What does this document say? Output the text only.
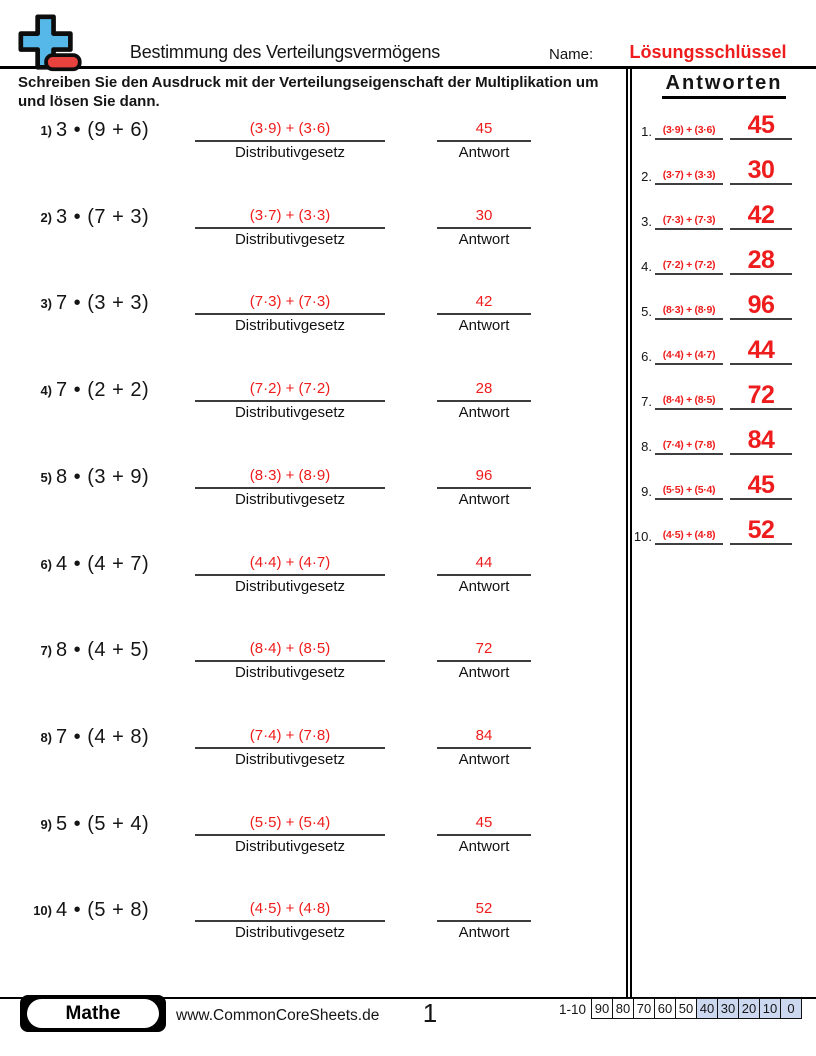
Bestimmung des Verteilungsvermögens	Name:	Lösungsschlüssel
Schreiben Sie den Ausdruck mit der Verteilungseigenschaft der Multiplikation um
und lösen Sie dann.
1) 3 • (9 + 6)	(3·9) + (3·6)
Distributivgesetz
45
Antwort
2) 3 • (7 + 3)	(3·7) + (3·3)
Distributivgesetz
30
Antwort
3) 7 • (3 + 3)	(7·3) + (7·3)
Distributivgesetz
42
Antwort
4) 7 • (2 + 2)	(7·2) + (7·2)
Distributivgesetz
28
Antwort
5) 8 • (3 + 9)	(8·3) + (8·9)
Distributivgesetz
96
Antwort
6) 4 • (4 + 7)	(4·4) + (4·7)
Distributivgesetz
44
Antwort
7) 8 • (4 + 5)	(8·4) + (8·5)
Distributivgesetz
72
Antwort
8) 7 • (4 + 8)	(7·4) + (7·8)
Distributivgesetz
84
Antwort
9) 5 • (5 + 4)	(5·5) + (5·4)
Distributivgesetz
45
Antwort
10) 4 • (5 + 8)	(4·5) + (4·8)
Distributivgesetz
52
Antwort
Antworten
1.	(3·9) + (3·6)	45
2.	(3·7) + (3·3)	30
3.	(7·3) + (7·3)	42
4.	(7·2) + (7·2)	28
5.	(8·3) + (8·9)	96
6.	(4·4) + (4·7)	44
7.	(8·4) + (8·5)	72
8.	(7·4) + (7·8)	84
9.	(5·5) + (5·4)	45
10.	(4·5) + (4·8)	52
Mathe	www.CommonCoreSheets.de	1	1-10 90	80	70	60	50	40	30	20	10	0
